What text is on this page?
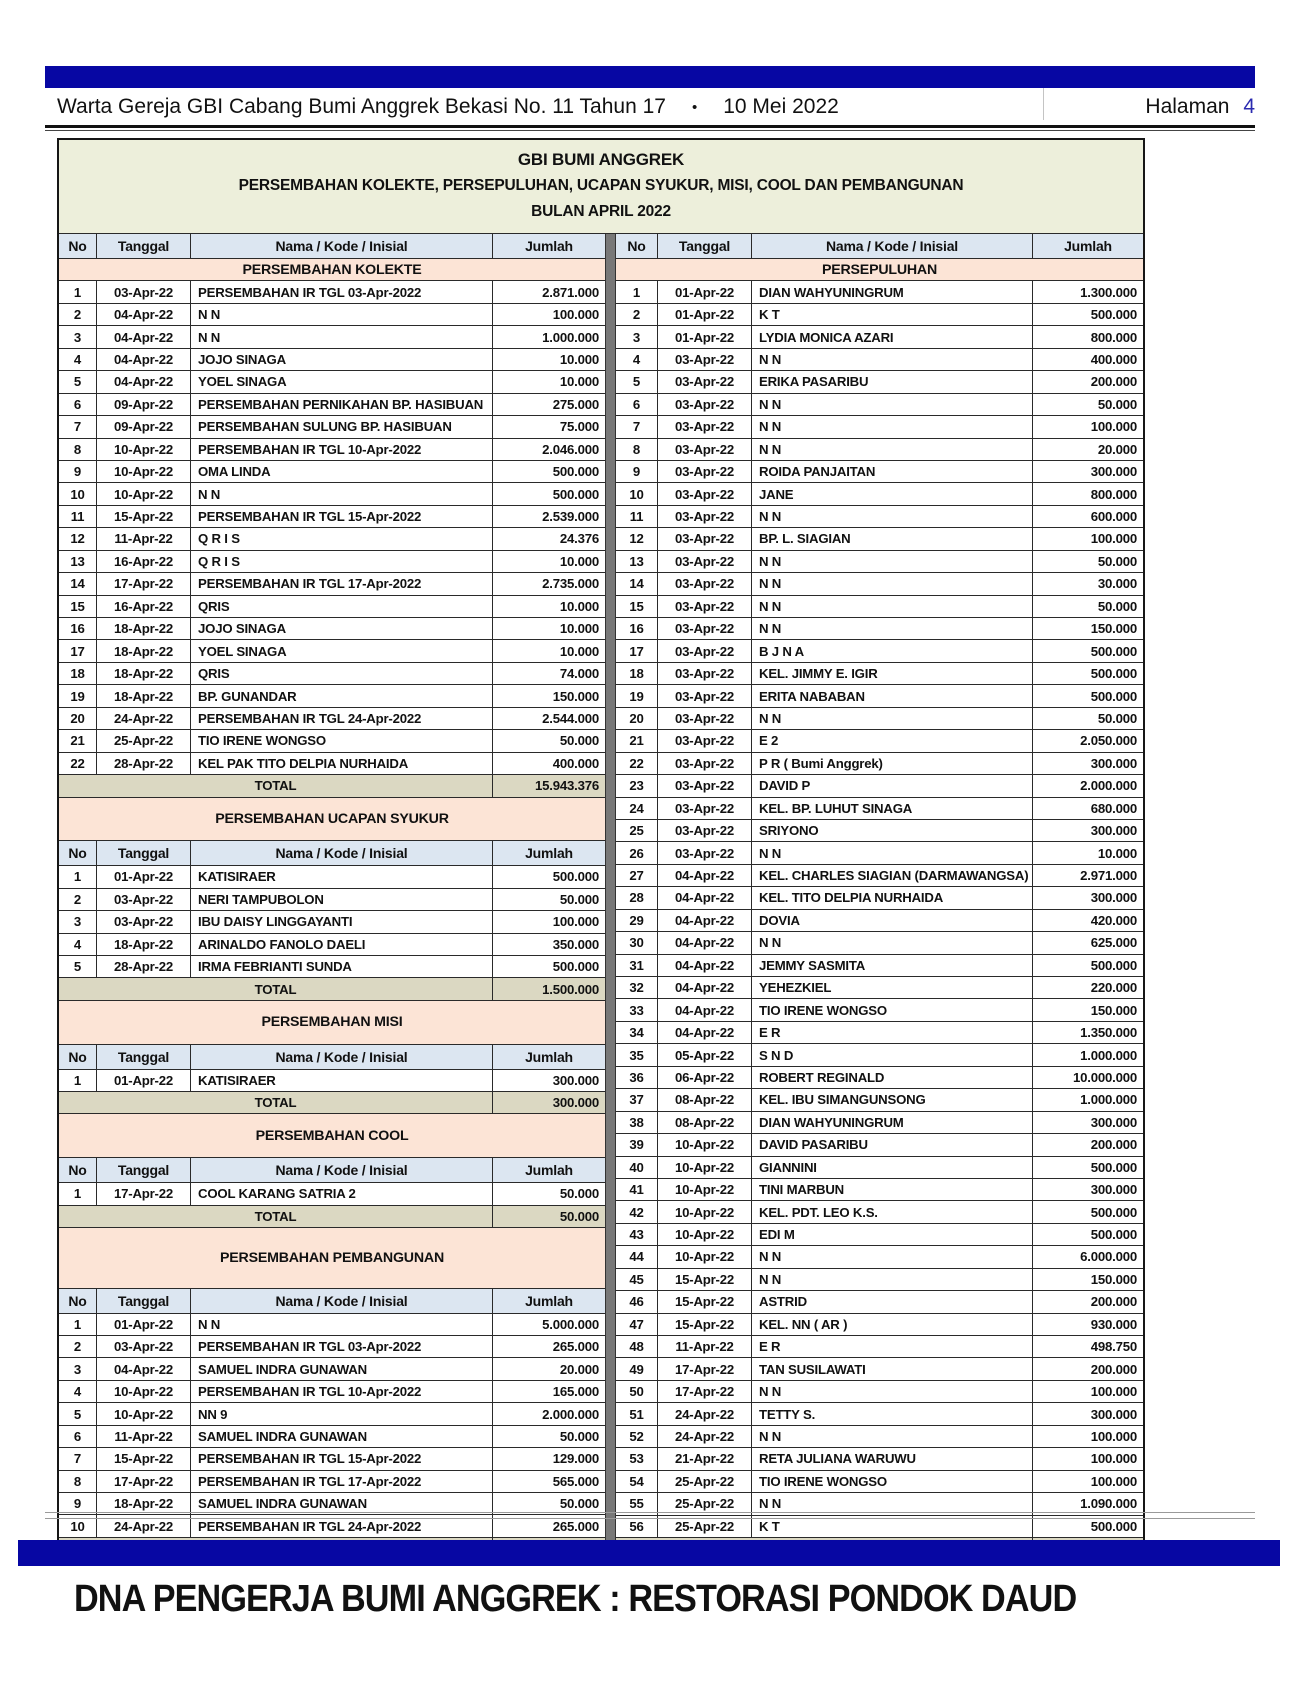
Warta Gereja GBI Cabang Bumi Anggrek Bekasi No. 11 Tahun 17 • 10 Mei 2022	Halaman 4
GBI BUMI ANGGREK
PERSEMBAHAN KOLEKTE, PERSEPULUHAN, UCAPAN SYUKUR, MISI, COOL DAN PEMBANGUNAN
BULAN APRIL 2022
No	Tanggal	Nama / Kode / Inisial	Jumlah
PERSEMBAHAN KOLEKTE
1	03-Apr-22	PERSEMBAHAN IR TGL 03-Apr-2022	2.871.000
2	04-Apr-22	N N	100.000
3	04-Apr-22	N N	1.000.000
4	04-Apr-22	JOJO SINAGA	10.000
5	04-Apr-22	YOEL SINAGA	10.000
6	09-Apr-22	PERSEMBAHAN PERNIKAHAN BP. HASIBUAN	275.000
7	09-Apr-22	PERSEMBAHAN SULUNG BP. HASIBUAN	75.000
8	10-Apr-22	PERSEMBAHAN IR TGL 10-Apr-2022	2.046.000
9	10-Apr-22	OMA LINDA	500.000
10	10-Apr-22	N N	500.000
11	15-Apr-22	PERSEMBAHAN IR TGL 15-Apr-2022	2.539.000
12	11-Apr-22	Q R I S	24.376
13	16-Apr-22	Q R I S	10.000
14	17-Apr-22	PERSEMBAHAN IR TGL 17-Apr-2022	2.735.000
15	16-Apr-22	QRIS	10.000
16	18-Apr-22	JOJO SINAGA	10.000
17	18-Apr-22	YOEL SINAGA	10.000
18	18-Apr-22	QRIS	74.000
19	18-Apr-22	BP. GUNANDAR	150.000
20	24-Apr-22	PERSEMBAHAN IR TGL 24-Apr-2022	2.544.000
21	25-Apr-22	TIO IRENE WONGSO	50.000
22	28-Apr-22	KEL PAK TITO DELPIA NURHAIDA	400.000
TOTAL	15.943.376
PERSEMBAHAN UCAPAN SYUKUR
No	Tanggal	Nama / Kode / Inisial	Jumlah
1	01-Apr-22	KATISIRAER	500.000
2	03-Apr-22	NERI TAMPUBOLON	50.000
3	03-Apr-22	IBU DAISY LINGGAYANTI	100.000
4	18-Apr-22	ARINALDO FANOLO DAELI	350.000
5	28-Apr-22	IRMA FEBRIANTI SUNDA	500.000
TOTAL	1.500.000
PERSEMBAHAN MISI
No	Tanggal	Nama / Kode / Inisial	Jumlah
1	01-Apr-22	KATISIRAER	300.000
TOTAL	300.000
PERSEMBAHAN COOL
No	Tanggal	Nama / Kode / Inisial	Jumlah
1	17-Apr-22	COOL KARANG SATRIA 2	50.000
TOTAL	50.000
PERSEMBAHAN PEMBANGUNAN
No	Tanggal	Nama / Kode / Inisial	Jumlah
1	01-Apr-22	N N	5.000.000
2	03-Apr-22	PERSEMBAHAN IR TGL 03-Apr-2022	265.000
3	04-Apr-22	SAMUEL INDRA GUNAWAN	20.000
4	10-Apr-22	PERSEMBAHAN IR TGL 10-Apr-2022	165.000
5	10-Apr-22	NN 9	2.000.000
6	11-Apr-22	SAMUEL INDRA GUNAWAN	50.000
7	15-Apr-22	PERSEMBAHAN IR TGL 15-Apr-2022	129.000
8	17-Apr-22	PERSEMBAHAN IR TGL 17-Apr-2022	565.000
9	18-Apr-22	SAMUEL INDRA GUNAWAN	50.000
10	24-Apr-22	PERSEMBAHAN IR TGL 24-Apr-2022	265.000
No	Tanggal	Nama / Kode / Inisial	Jumlah
PERSEPULUHAN
1	01-Apr-22	DIAN WAHYUNINGRUM	1.300.000
2	01-Apr-22	K T	500.000
3	01-Apr-22	LYDIA MONICA AZARI	800.000
4	03-Apr-22	N N	400.000
5	03-Apr-22	ERIKA PASARIBU	200.000
6	03-Apr-22	N N	50.000
7	03-Apr-22	N N	100.000
8	03-Apr-22	N N	20.000
9	03-Apr-22	ROIDA PANJAITAN	300.000
10	03-Apr-22	JANE	800.000
11	03-Apr-22	N N	600.000
12	03-Apr-22	BP. L. SIAGIAN	100.000
13	03-Apr-22	N N	50.000
14	03-Apr-22	N N	30.000
15	03-Apr-22	N N	50.000
16	03-Apr-22	N N	150.000
17	03-Apr-22	B J N A	500.000
18	03-Apr-22	KEL. JIMMY E. IGIR	500.000
19	03-Apr-22	ERITA NABABAN	500.000
20	03-Apr-22	N N	50.000
21	03-Apr-22	E 2	2.050.000
22	03-Apr-22	P R ( Bumi Anggrek)	300.000
23	03-Apr-22	DAVID P	2.000.000
24	03-Apr-22	KEL. BP. LUHUT SINAGA	680.000
25	03-Apr-22	SRIYONO	300.000
26	03-Apr-22	N N	10.000
27	04-Apr-22	KEL. CHARLES SIAGIAN (DARMAWANGSA)	2.971.000
28	04-Apr-22	KEL. TITO DELPIA NURHAIDA	300.000
29	04-Apr-22	DOVIA	420.000
30	04-Apr-22	N N	625.000
31	04-Apr-22	JEMMY SASMITA	500.000
32	04-Apr-22	YEHEZKIEL	220.000
33	04-Apr-22	TIO IRENE WONGSO	150.000
34	04-Apr-22	E R	1.350.000
35	05-Apr-22	S N D	1.000.000
36	06-Apr-22	ROBERT REGINALD	10.000.000
37	08-Apr-22	KEL. IBU SIMANGUNSONG	1.000.000
38	08-Apr-22	DIAN WAHYUNINGRUM	300.000
39	10-Apr-22	DAVID PASARIBU	200.000
40	10-Apr-22	GIANNINI	500.000
41	10-Apr-22	TINI MARBUN	300.000
42	10-Apr-22	KEL. PDT. LEO K.S.	500.000
43	10-Apr-22	EDI M	500.000
44	10-Apr-22	N N	6.000.000
45	15-Apr-22	N N	150.000
46	15-Apr-22	ASTRID	200.000
47	15-Apr-22	KEL. NN ( AR )	930.000
48	11-Apr-22	E R	498.750
49	17-Apr-22	TAN SUSILAWATI	200.000
50	17-Apr-22	N N	100.000
51	24-Apr-22	TETTY S.	300.000
52	24-Apr-22	N N	100.000
53	21-Apr-22	RETA JULIANA WARUWU	100.000
54	25-Apr-22	TIO IRENE WONGSO	100.000
55	25-Apr-22	N N	1.090.000
56	25-Apr-22	K T	500.000
DNA PENGERJA BUMI ANGGREK : RESTORASI PONDOK DAUD
